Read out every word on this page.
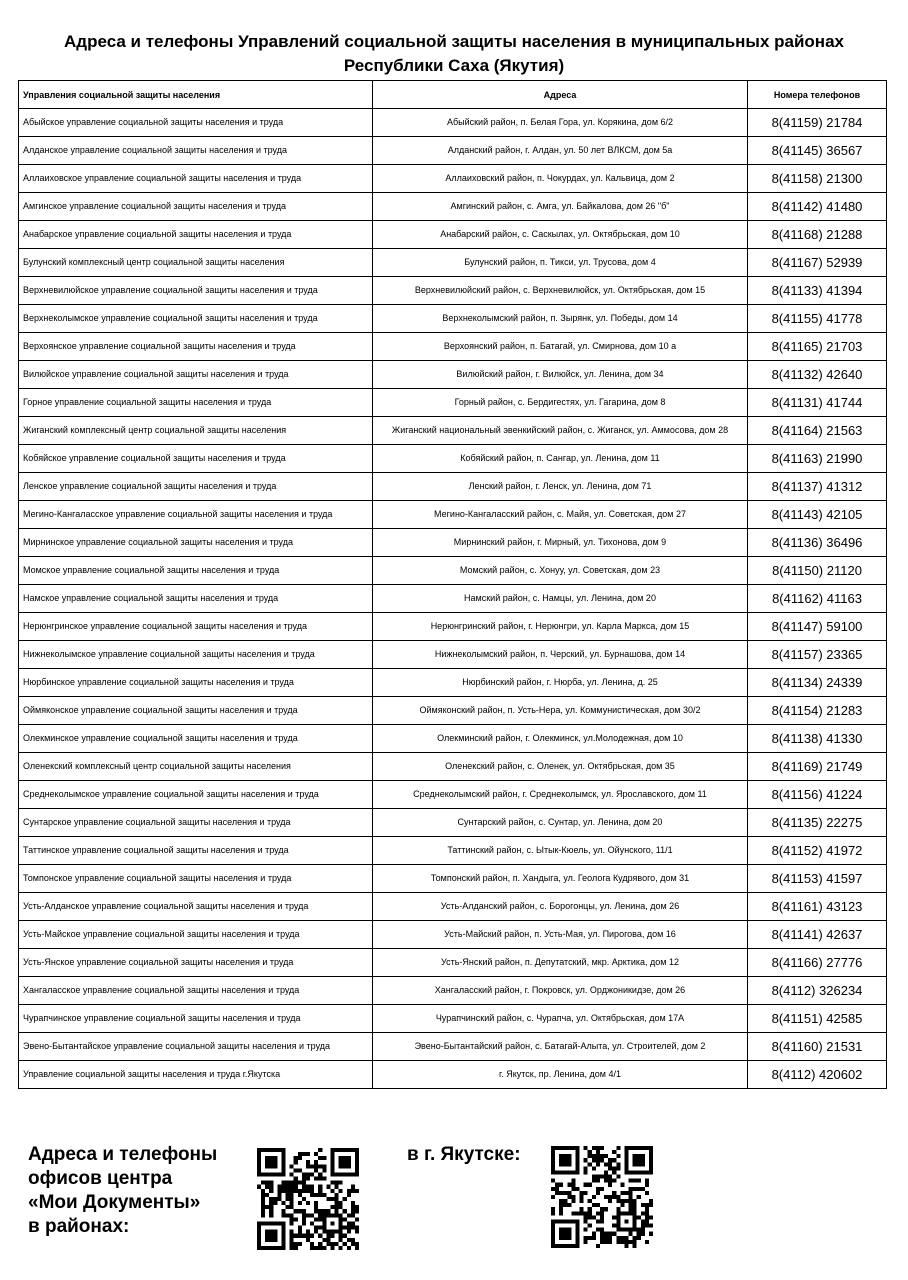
Адреса и телефоны Управлений социальной защиты населения в муниципальных районах
Республики Саха (Якутия)
Управления социальной защиты населения	Адреса	Номера телефонов
Абыйское управление социальной защиты населения и труда	Абыйский район, п. Белая Гора, ул. Корякина, дом 6/2	8(41159) 21784
Алданское управление социальной защиты населения и труда	Алданский район, г. Алдан, ул. 50 лет ВЛКСМ, дом 5а	8(41145) 36567
Аллаиховское управление социальной защиты населения и труда	Аллаиховский район, п. Чокурдах, ул. Кальвица, дом 2	8(41158) 21300
Амгинское управление социальной защиты населения и труда	Амгинский район, с. Амга, ул. Байкалова, дом 26 "б"	8(41142) 41480
Анабарское управление социальной защиты населения и труда	Анабарский район, с. Саскылах, ул. Октябрьская, дом 10	8(41168) 21288
Булунский комплексный центр социальной защиты населения	Булунский район, п. Тикси, ул. Трусова, дом 4	8(41167) 52939
Верхневилюйское управление социальной защиты населения и труда	Верхневилюйский район, с. Верхневилюйск, ул. Октябрьская, дом 15	8(41133) 41394
Верхнеколымское управление социальной защиты населения и труда	Верхнеколымский район, п. Зырянк, ул. Победы, дом 14	8(41155) 41778
Верхоянское управление социальной защиты населения и труда	Верхоянский район, п. Батагай, ул. Смирнова, дом 10 а	8(41165) 21703
Вилюйское управление социальной защиты населения и труда	Вилюйский район, г. Вилюйск, ул. Ленина, дом 34	8(41132) 42640
Горное управление социальной защиты населения и труда	Горный район, с. Бердигестях, ул. Гагарина, дом 8	8(41131) 41744
Жиганский комплексный центр социальной защиты населения	Жиганский национальный эвенкийский район, с. Жиганск, ул. Аммосова, дом 28	8(41164) 21563
Кобяйское управление социальной защиты населения и труда	Кобяйский район, п. Сангар, ул. Ленина, дом 11	8(41163) 21990
Ленское управление социальной защиты населения и труда	Ленский район, г. Ленск, ул. Ленина, дом 71	8(41137) 41312
Мегино-Кангаласское управление социальной защиты населения и труда	Мегино-Кангаласский район, с. Майя, ул. Советская, дом 27	8(41143) 42105
Мирнинское управление социальной защиты населения и труда	Мирнинский район, г. Мирный, ул. Тихонова, дом 9	8(41136) 36496
Момское управление социальной защиты населения и труда	Момский район, с. Хонуу, ул. Советская, дом 23	8(41150) 21120
Намское управление социальной защиты населения и труда	Намский район, с. Намцы, ул. Ленина, дом 20	8(41162) 41163
Нерюнгринское управление социальной защиты населения и труда	Нерюнгринский район, г. Нерюнгри, ул. Карла Маркса, дом 15	8(41147) 59100
Нижнеколымское управление социальной защиты населения и труда	Нижнеколымский район, п. Черский, ул. Бурнашова, дом 14	8(41157) 23365
Нюрбинское управление социальной защиты населения и труда	Нюрбинский район, г. Нюрба, ул. Ленина, д. 25	8(41134) 24339
Оймяконское управление социальной защиты населения и труда	Оймяконский район, п. Усть-Нера, ул. Коммунистическая, дом 30/2	8(41154) 21283
Олекминское управление социальной защиты населения и труда	Олекминский район, г. Олекминск, ул.Молодежная, дом 10	8(41138) 41330
Оленекский комплексный центр социальной защиты населения	Оленекский район, с. Оленек, ул. Октябрьская, дом 35	8(41169) 21749
Среднеколымское управление социальной защиты населения и труда	Среднеколымский район, г. Среднеколымск, ул. Ярославского, дом 11	8(41156) 41224
Сунтарское управление социальной защиты населения и труда	Сунтарский район, с. Сунтар, ул. Ленина, дом 20	8(41135) 22275
Таттинское управление социальной защиты населения и труда	Таттинский район, с. Ытык-Кюель, ул. Ойунского, 11/1	8(41152) 41972
Томпонское управление социальной защиты населения и труда	Томпонский район, п. Хандыга, ул. Геолога Кудрявого, дом 31	8(41153) 41597
Усть-Алданское управление социальной защиты населения и труда	Усть-Алданский район, с. Борогонцы, ул. Ленина, дом 26	8(41161) 43123
Усть-Майское управление социальной защиты населения и труда	Усть-Майский район, п. Усть-Мая, ул. Пирогова, дом 16	8(41141) 42637
Усть-Янское управление социальной защиты населения и труда	Усть-Янский район, п. Депутатский, мкр. Арктика, дом 12	8(41166) 27776
Хангаласское управление социальной защиты населения и труда	Хангаласский район, г. Покровск, ул. Орджоникидзе, дом 26	8(4112) 326234
Чурапчинское управление социальной защиты населения и труда	Чурапчинский район, с. Чурапча, ул. Октябрьская, дом 17А	8(41151) 42585
Эвено-Бытантайское управление социальной защиты населения и труда	Эвено-Бытантайский район, с. Батагай-Алыта, ул. Строителей, дом 2	8(41160) 21531
Управление социальной защиты населения и труда г.Якутска	г. Якутск, пр. Ленина, дом 4/1	8(4112) 420602
Адреса и телефоны
офисов центра
«Мои Документы»
в районах:
в г. Якутске:
